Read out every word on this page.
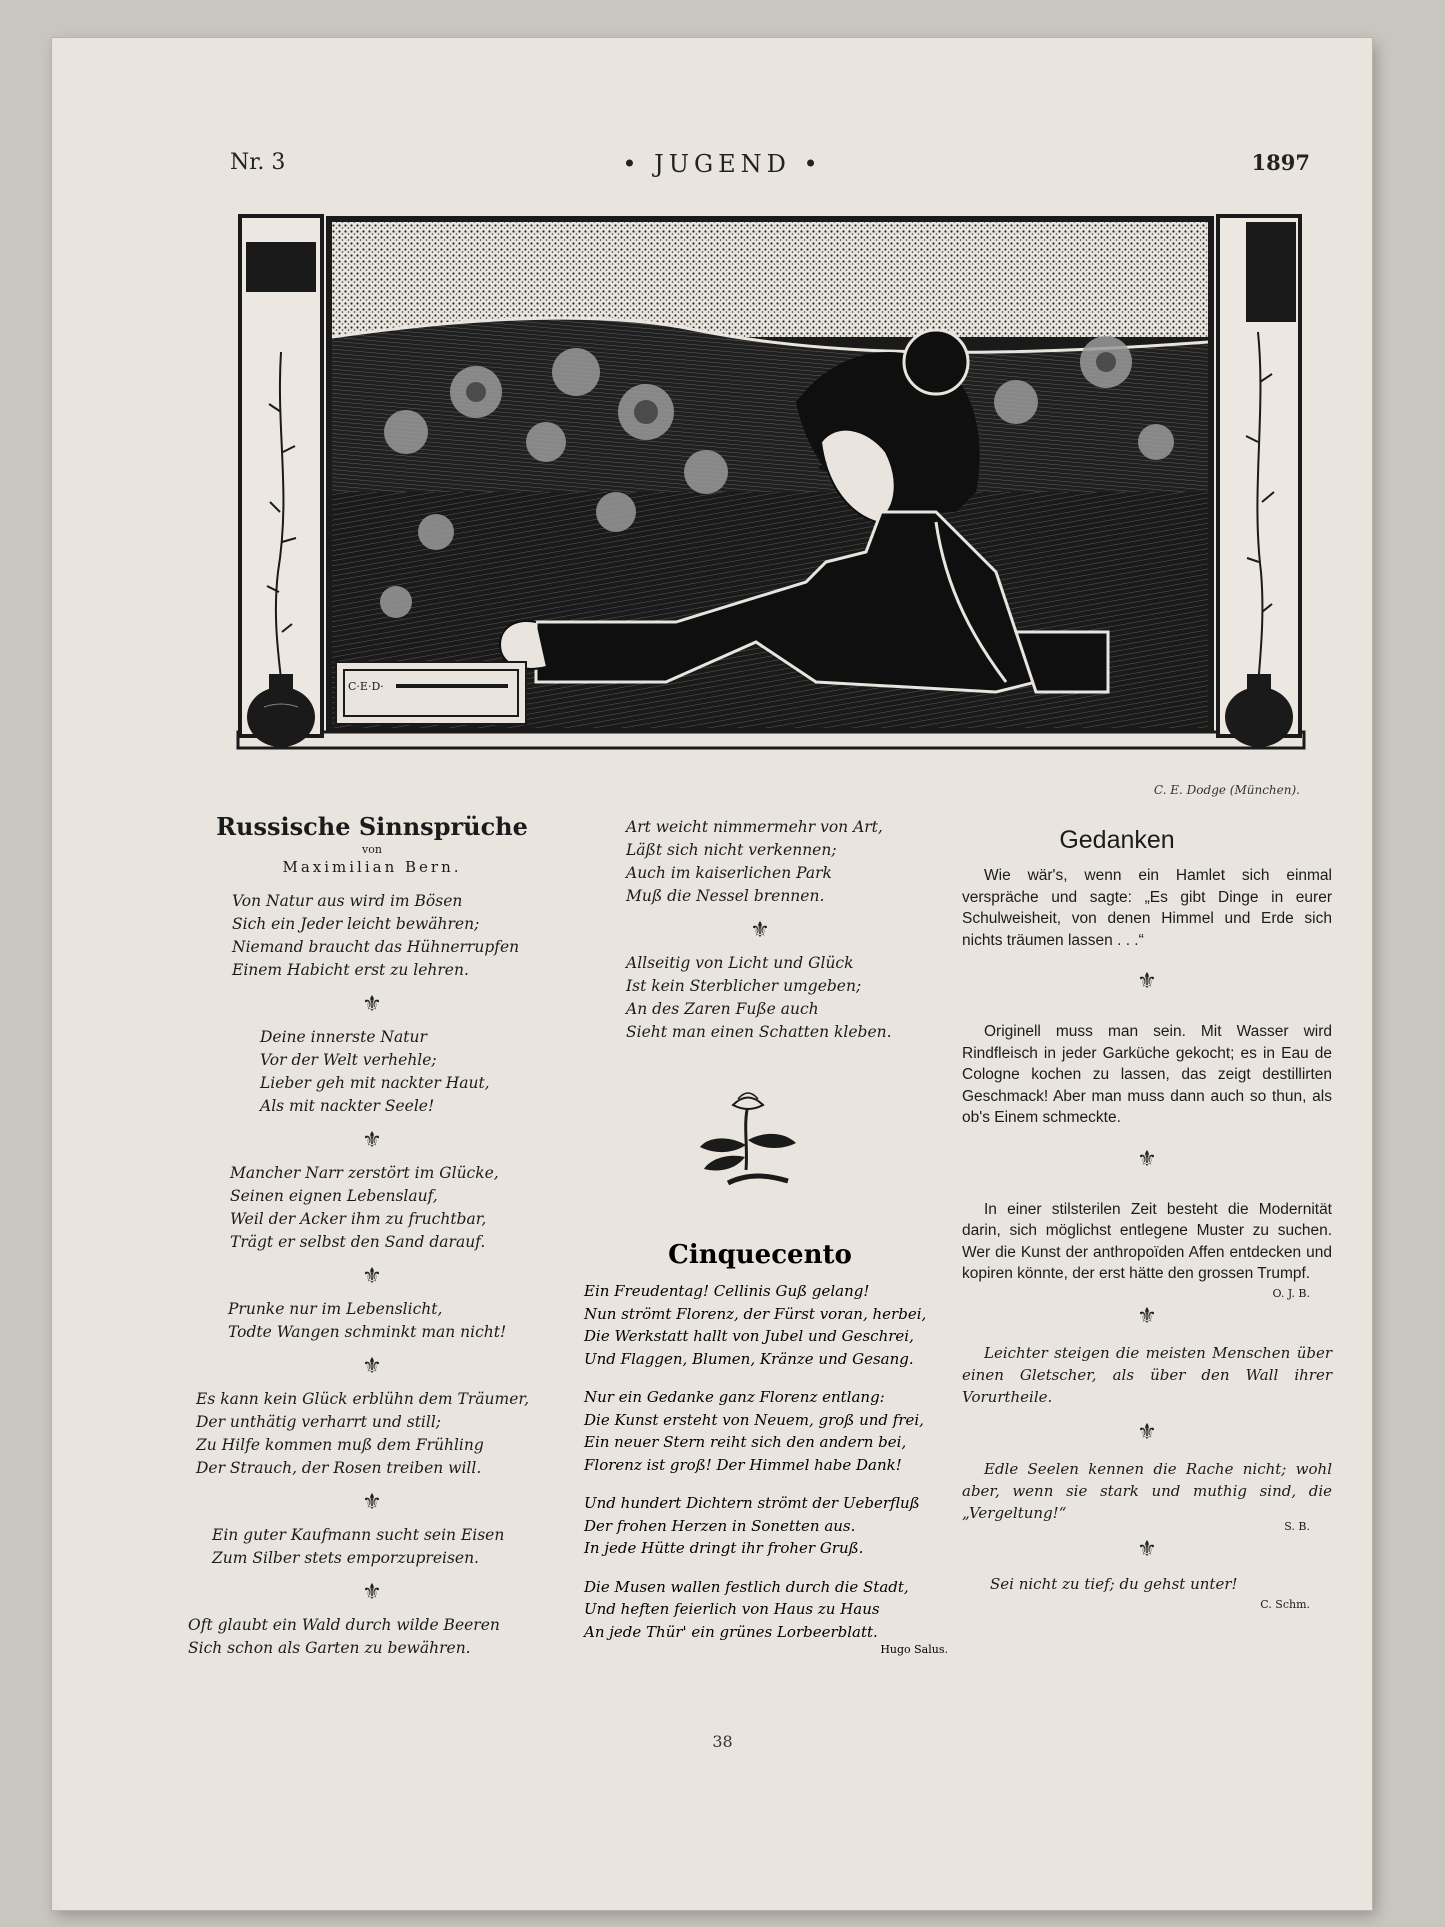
Nr. 3	• JUGEND •	1897
C·E·D·
C. E. Dodge (München).
Russische Sinnsprüche
von
Maximilian Bern.
Von Natur aus wird im Bösen
Sich ein Jeder leicht bewähren;
Niemand braucht das Hühnerrupfen
Einem Habicht erst zu lehren.
⚜
Deine innerste Natur
Vor der Welt verhehle;
Lieber geh mit nackter Haut,
Als mit nackter Seele!
⚜
Mancher Narr zerstört im Glücke,
Seinen eignen Lebenslauf,
Weil der Acker ihm zu fruchtbar,
Trägt er selbst den Sand darauf.
⚜
Prunke nur im Lebenslicht,
Todte Wangen schminkt man nicht!
⚜
Es kann kein Glück erblühn dem Träumer,
Der unthätig verharrt und still;
Zu Hilfe kommen muß dem Frühling
Der Strauch, der Rosen treiben will.
⚜
Ein guter Kaufmann sucht sein Eisen
Zum Silber stets emporzupreisen.
⚜
Oft glaubt ein Wald durch wilde Beeren
Sich schon als Garten zu bewähren.
Art weicht nimmermehr von Art,
Läßt sich nicht verkennen;
Auch im kaiserlichen Park
Muß die Nessel brennen.
⚜
Allseitig von Licht und Glück
Ist kein Sterblicher umgeben;
An des Zaren Fuße auch
Sieht man einen Schatten kleben.
Cinquecento
Ein Freudentag! Cellinis Guß gelang!
Nun strömt Florenz, der Fürst voran, herbei,
Die Werkstatt hallt von Jubel und Geschrei,
Und Flaggen, Blumen, Kränze und Gesang.
Nur ein Gedanke ganz Florenz entlang:
Die Kunst ersteht von Neuem, groß und frei,
Ein neuer Stern reiht sich den andern bei,
Florenz ist groß! Der Himmel habe Dank!
Und hundert Dichtern strömt der Ueberfluß
Der frohen Herzen in Sonetten aus.
In jede Hütte dringt ihr froher Gruß.
Die Musen wallen festlich durch die Stadt,
Und heften feierlich von Haus zu Haus
An jede Thür' ein grünes Lorbeerblatt.
Hugo Salus.
Gedanken
Wie wär's, wenn ein Hamlet sich einmal verspräche und sagte: „Es gibt Dinge in eurer Schulweisheit, von denen Himmel und Erde sich nichts träumen lassen . . .“
⚜
Originell muss man sein. Mit Wasser wird Rindfleisch in jeder Garküche gekocht; es in Eau de Cologne kochen zu lassen, das zeigt destillirten Geschmack! Aber man muss dann auch so thun, als ob's Einem schmeckte.
⚜
In einer stilsterilen Zeit besteht die Modernität darin, sich möglichst entlegene Muster zu suchen. Wer die Kunst der anthropoïden Affen entdecken und kopiren könnte, der erst hätte den grossen Trumpf.
O. J. B.
⚜
Leichter steigen die meisten Menschen über einen Gletscher, als über den Wall ihrer Vorurtheile.
⚜
Edle Seelen kennen die Rache nicht; wohl aber, wenn sie stark und muthig sind, die „Vergeltung!“
S. B.
⚜
Sei nicht zu tief; du gehst unter!
C. Schm.
38
